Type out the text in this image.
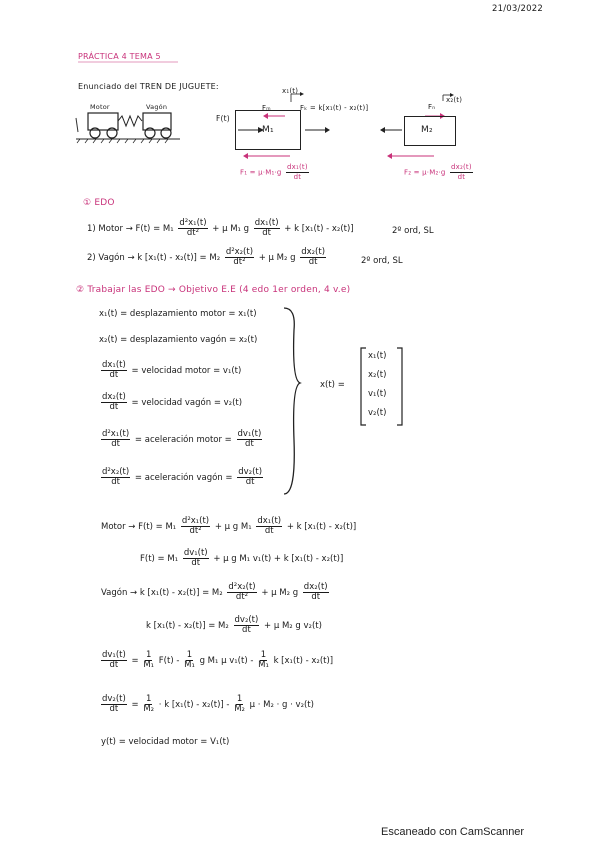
21/03/2022
PRÁCTICA 4 TEMA 5
Enunciado del TREN DE JUGUETE:
Motor	Vagón
M₁	M₂
F(t)
x₁(t)
Fₘ	Fₖ = k[x₁(t) - x₂(t)]
x₂(t)
Fₙ
$F_1 = \mu\cdot M_1\cdot g \frac{\text{dx₁(t)}}{dt}$	$F_2 = \mu\cdot M_2\cdot g \frac{\text{dx₂(t)}}{dt}$
① EDO
1) Motor → $F(t) = M_1 \frac{\text{d²x₁(t)}}{\text{dt²}} + \mu$ M₁ g $\frac{\text{dx₁(t)}}{dt} + k$ [x₁(t) - x₂(t)]	2º ord, SL
2) Vagón → k $[x_1(t) - x_2(t)] = M_2 \frac{\text{d²x₂(t)}}{\text{dt²}} + \mu$ M₂ g $\frac{\text{dx₂(t)}}{dt}$	2º ord, SL
② Trabajar las EDO → Objetivo E.E (4 edo 1er orden, 4 v.e)
x₁(t) = desplazamiento motor = x₁(t)
x₂(t) = desplazamiento vagón = x₂(t)
$\frac{\text{dx₁(t)}}{dt}$ = velocidad motor = v₁(t)
$\frac{\text{dx₂(t)}}{dt}$ = velocidad vagón = v₂(t)
$\frac{\text{d²x₁(t)}}{dt}$ = aceleración motor = $\frac{\text{dv₁(t)}}{dt}$
$\frac{\text{d²x₂(t)}}{dt}$ = aceleración vagón = $\frac{\text{dv₂(t)}}{dt}$
x(t) =
x₁(t)
x₂(t)
v₁(t)
v₂(t)
Motor → $F(t) = M_1 \frac{\text{d²x₁(t)}}{\text{dt²}} + \mu$ g $M_1 \frac{\text{dx₁(t)}}{dt} + k$ [x₁(t) - x₂(t)]
$F(t) = M_1 \frac{\text{dv₁(t)}}{dt} + \mu$ g M₁ v₁(t) + k [x₁(t) - x₂(t)]
Vagón → k $[x_1(t) - x_2(t)] = M_2 \frac{\text{d²x₂(t)}}{\text{dt²}} + \mu$ M₂ g $\frac{\text{dx₂(t)}}{dt}$
k $[x_1(t) - x_2(t)] = M_2 \frac{\text{dv₂(t)}}{dt} + \mu$ M₂ g v₂(t)
$\frac{\text{dv₁(t)}}{dt} = \frac{1}{\text{M₁}} F(t) - \frac{1}{\text{M₁}}$ g M₁ μ $v_1(t) - \frac{1}{\text{M₁}}$ k [x₁(t) - x₂(t)]
$\frac{\text{dv₂(t)}}{dt} = \frac{1}{\text{M₂}} \cdot k$ $[x_1(t) - x_2(t)] - \frac{1}{\text{M₂}}$ μ · M₂ · g · v₂(t)
y(t) = velocidad motor = V₁(t)
Escaneado con CamScanner
